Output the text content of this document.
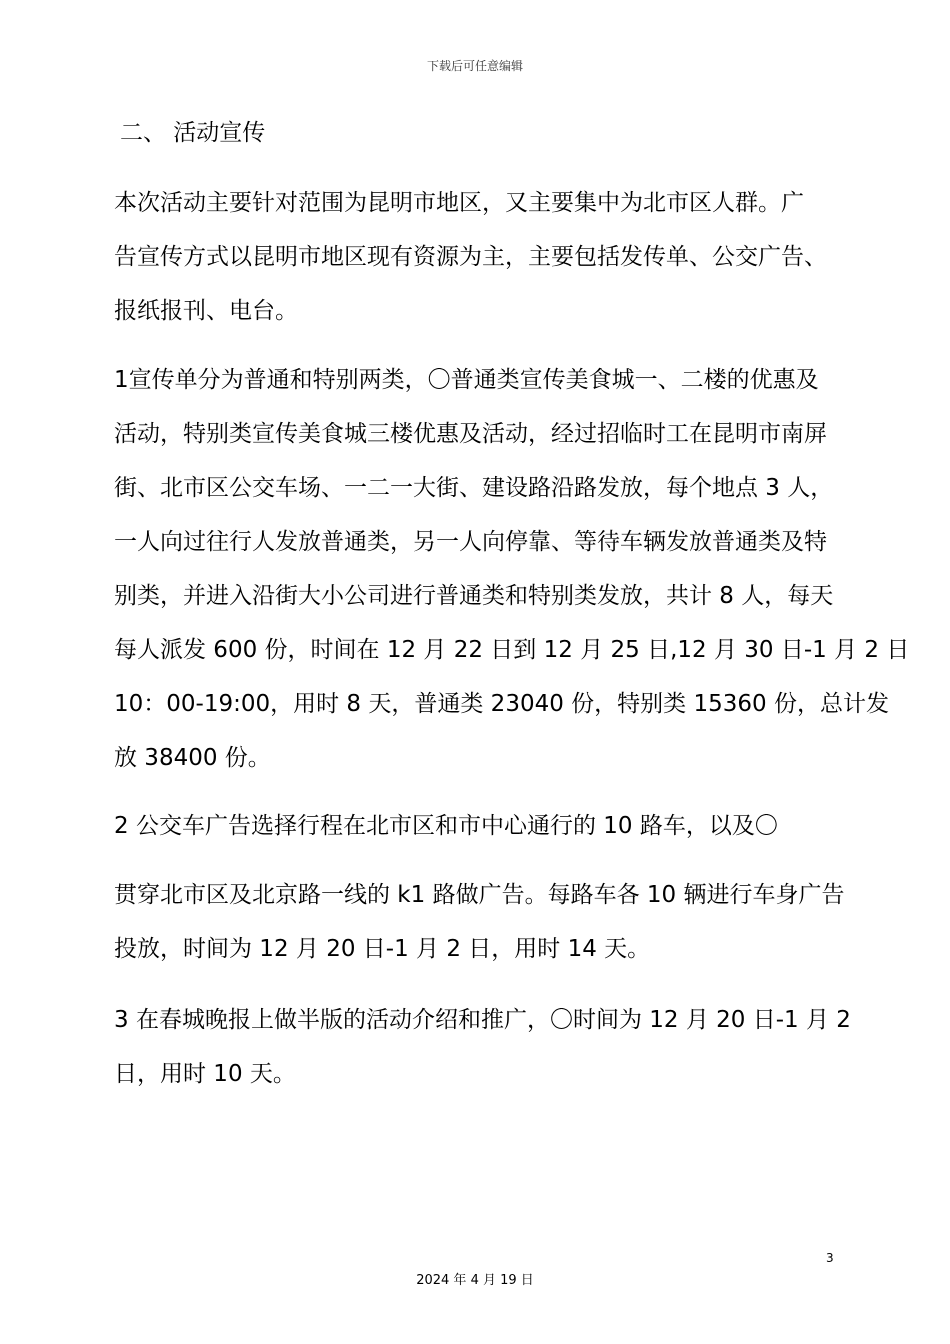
下载后可任意编辑
二、 活动宣传
本次活动主要针对范围为昆明市地区，又主要集中为北市区人群。广
告宣传方式以昆明市地区现有资源为主，主要包括发传单、公交广告、
报纸报刊、电台。
1宣传单分为普通和特别两类，〇普通类宣传美食城一、二楼的优惠及
活动，特别类宣传美食城三楼优惠及活动，经过招临时工在昆明市南屏
街、北市区公交车场、一二一大街、建设路沿路发放，每个地点 3 人，
一人向过往行人发放普通类，另一人向停靠、等待车辆发放普通类及特
别类，并进入沿街大小公司进行普通类和特别类发放，共计 8 人，每天
每人派发 600 份，时间在 12 月 22 日到 12 月 25 日,12 月 30 日-1 月 2 日
10：00-19:00，用时 8 天，普通类 23040 份，特别类 15360 份，总计发
放 38400 份。
2 公交车广告选择行程在北市区和市中心通行的 10 路车，以及〇
贯穿北市区及北京路一线的 k1 路做广告。每路车各 10 辆进行车身广告
投放，时间为 12 月 20 日-1 月 2 日，用时 14 天。
3 在春城晚报上做半版的活动介绍和推广，〇时间为 12 月 20 日-1 月 2
日，用时 10 天。
3
2024 年 4 月 19 日
